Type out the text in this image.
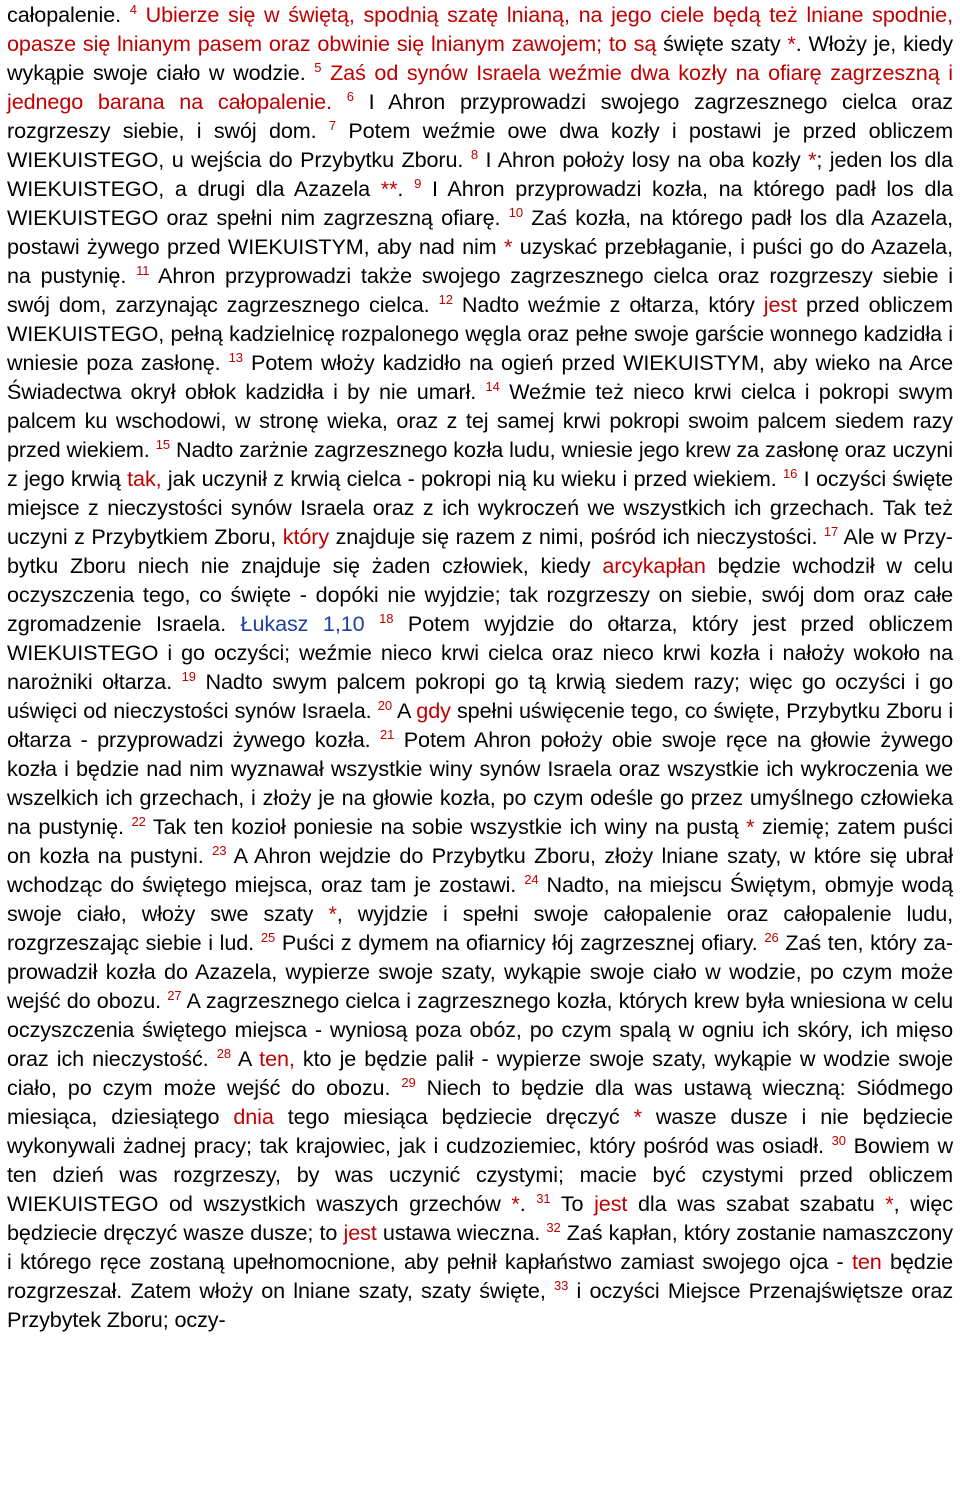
całopalenie. $^4$ Ubierze się w świętą, spodnią szatę lnianą, na jego ciele będą też lniane spodnie, opasze się lnianym pasem oraz obwinie się lnianym zawojem; to są święte szaty *. Włoży je, kiedy wykąpie swoje ciało w wodzie. $^5$ Zaś od synów Israela weźmie dwa kozły na ofiarę zagrzeszną i jednego barana na całopalenie. $^6$ I Ahron przyprowadzi swojego zagrzesznego cielca oraz rozgrzeszy siebie, i swój dom. $^7$ Potem weźmie owe dwa kozły i postawi je przed obliczem WIEKUISTEGO, u wejścia do Przybytku Zboru. $^8$ I Ahron położy losy na oba kozły *; jeden los dla WIEKUISTEGO, a drugi dla Azazela **. $^9$ I Ahron przyprowadzi kozła, na którego padł los dla WIEKUISTEGO oraz spełni nim zagrzeszną ofiarę. $^{10}$ Zaś kozła, na którego padł los dla Azazela, postawi żywego przed WIEKUISTYM, aby nad nim * uzyskać przebłaganie, i puści go do Azazela, na pustynię. $^{11}$ Ahron przyprowadzi także swojego zagrzesznego cielca oraz rozgrzeszy siebie i swój dom, zarzynając zagrzesznego cielca. $^{12}$ Nadto weźmie z ołtarza, który jest przed obliczem WIEKUISTEGO, pełną kadzielnicę rozpalonego węgla oraz pełne swoje garście wonnego kadzidła i wniesie poza zasłonę. $^{13}$ Potem włoży kadzidło na ogień przed WIEKUISTYM, aby wieko na Arce Świadectwa okrył obłok kadzidła i by nie umarł. $^{14}$ Weźmie też nieco krwi cielca i pokropi swym palcem ku wschodowi, w stronę wieka, oraz z tej samej krwi pokropi swoim palcem siedem razy przed wiekiem. $^{15}$ Nadto zarżnie zagrzesznego kozła ludu, wniesie jego krew za zasłonę oraz uczyni z jego krwią tak, jak uczynił z krwią cielca - pokropi nią ku wieku i przed wiekiem. $^{16}$ I oczyści święte miejsce z nieczystości synów Israela oraz z ich wykroczeń we wszystkich ich grzechach. Tak też uczyni z Przybytkiem Zboru, który znajduje się razem z nimi, pośród ich nieczystości. $^{17}$ Ale w Przybytku Zboru niech nie znajduje się żaden człowiek, kiedy arcykapłan będzie wchodził w celu oczyszczenia tego, co święte - dopóki nie wyjdzie; tak rozgrzeszy on siebie, swój dom oraz całe zgromadzenie Israela. Łukasz 1,10 $^{18}$ Potem wyjdzie do ołtarza, który jest przed obliczem WIEKUISTEGO i go oczyści; weźmie nieco krwi cielca oraz nieco krwi kozła i nałoży wokoło na narożniki ołtarza. $^{19}$ Nadto swym palcem pokropi go tą krwią siedem razy; więc go oczyści i go uświęci od nieczystości synów Israela. $^{20}$ A gdy spełni uświęcenie tego, co święte, Przybytku Zboru i ołtarza - przyprowadzi żywego kozła. $^{21}$ Potem Ahron położy obie swoje ręce na głowie żywego kozła i będzie nad nim wyznawał wszystkie winy synów Israela oraz wszystkie ich wykroczenia we wszelkich ich grzechach, i złoży je na głowie kozła, po czym odeśle go przez umyślnego człowieka na pustynię. $^{22}$ Tak ten kozioł poniesie na sobie wszystkie ich winy na pustą * ziemię; zatem puści on kozła na pustyni. $^{23}$ A Ahron wejdzie do Przybytku Zboru, złoży lniane szaty, w które się ubrał wchodząc do świętego miejsca, oraz tam je zostawi. $^{24}$ Nadto, na miejscu Świętym, obmyje wodą swoje ciało, włoży swe szaty *, wyjdzie i spełni swoje całopalenie oraz całopalenie ludu, rozgrzeszając siebie i lud. $^{25}$ Puści z dymem na ofiarnicy łój zagrzesznej ofiary. $^{26}$ Zaś ten, który zaprowadził kozła do Azazela, wypierze swoje szaty, wykąpie swoje ciało w wodzie, po czym może wejść do obozu. $^{27}$ A zagrzesznego cielca i zagrzesznego kozła, których krew była wniesiona w celu oczyszczenia świętego miejsca - wyniosą poza obóz, po czym spalą w ogniu ich skóry, ich mięso oraz ich nieczystość. $^{28}$ A ten, kto je będzie palił - wypierze swoje szaty, wykąpie w wodzie swoje ciało, po czym może wejść do obozu. $^{29}$ Niech to będzie dla was ustawą wieczną: Siódmego miesiąca, dziesiątego dnia tego miesiąca będziecie dręczyć * wasze dusze i nie będziecie wykonywali żadnej pracy; tak krajowiec, jak i cudzoziemiec, który pośród was osiadł. $^{30}$ Bowiem w ten dzień was rozgrzeszy, by was uczynić czystymi; macie być czystymi przed obliczem WIEKUISTEGO od wszystkich waszych grzechów *. $^{31}$ To jest dla was szabat szabatu *, więc będziecie dręczyć wasze dusze; to jest ustawa wieczna. $^{32}$ Zaś kapłan, który zostanie namaszczony i którego ręce zostaną upełnomocnione, aby pełnił kapłaństwo zamiast swojego ojca - ten będzie rozgrzeszał. Zatem włoży on lniane szaty, szaty święte, $^{33}$ i oczyści Miejsce Przenajświętsze oraz Przybytek Zboru; oczy-
